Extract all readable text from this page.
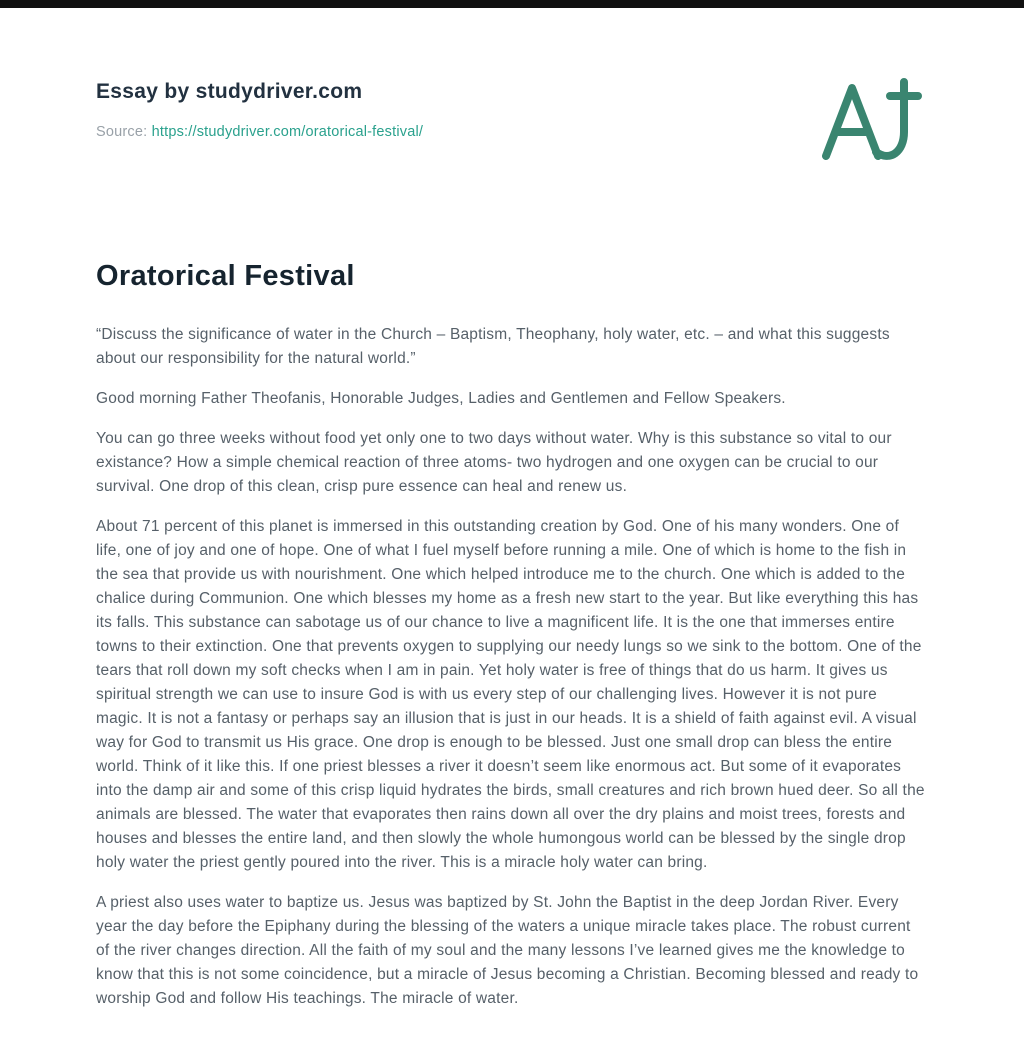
Essay by studydriver.com
Source: https://studydriver.com/oratorical-festival/
Oratorical Festival

“Discuss the significance of water in the Church – Baptism, Theophany, holy water, etc. – and what this suggests about our responsibility for the natural world.”

Good morning Father Theofanis, Honorable Judges, Ladies and Gentlemen and Fellow Speakers.

You can go three weeks without food yet only one to two days without water. Why is this substance so vital to our existance? How a simple chemical reaction of three atoms- two hydrogen and one oxygen can be crucial to our survival. One drop of this clean, crisp pure essence can heal and renew us.

About 71 percent of this planet is immersed in this outstanding creation by God. One of his many wonders. One of life, one of joy and one of hope. One of what I fuel myself before running a mile. One of which is home to the fish in the sea that provide us with nourishment. One which helped introduce me to the church. One which is added to the chalice during Communion. One which blesses my home as a fresh new start to the year. But like everything this has its falls. This substance can sabotage us of our chance to live a magnificent life. It is the one that immerses entire towns to their extinction. One that prevents oxygen to supplying our needy lungs so we sink to the bottom. One of the tears that roll down my soft checks when I am in pain. Yet holy water is free of things that do us harm. It gives us spiritual strength we can use to insure God is with us every step of our challenging lives. However it is not pure magic. It is not a fantasy or perhaps say an illusion that is just in our heads. It is a shield of faith against evil. A visual way for God to transmit us His grace. One drop is enough to be blessed. Just one small drop can bless the entire world. Think of it like this. If one priest blesses a river it doesn’t seem like enormous act. But some of it evaporates into the damp air and some of this crisp liquid hydrates the birds, small creatures and rich brown hued deer. So all the animals are blessed. The water that evaporates then rains down all over the dry plains and moist trees, forests and houses and blesses the entire land, and then slowly the whole humongous world can be blessed by the single drop holy water the priest gently poured into the river. This is a miracle holy water can bring.

A priest also uses water to baptize us. Jesus was baptized by St. John the Baptist in the deep Jordan River. Every year the day before the Epiphany during the blessing of the waters a unique miracle takes place. The robust current of the river changes direction. All the faith of my soul and the many lessons I’ve learned gives me the knowledge to know that this is not some coincidence, but a miracle of Jesus becoming a Christian. Becoming blessed and ready to worship God and follow His teachings. The miracle of water.
